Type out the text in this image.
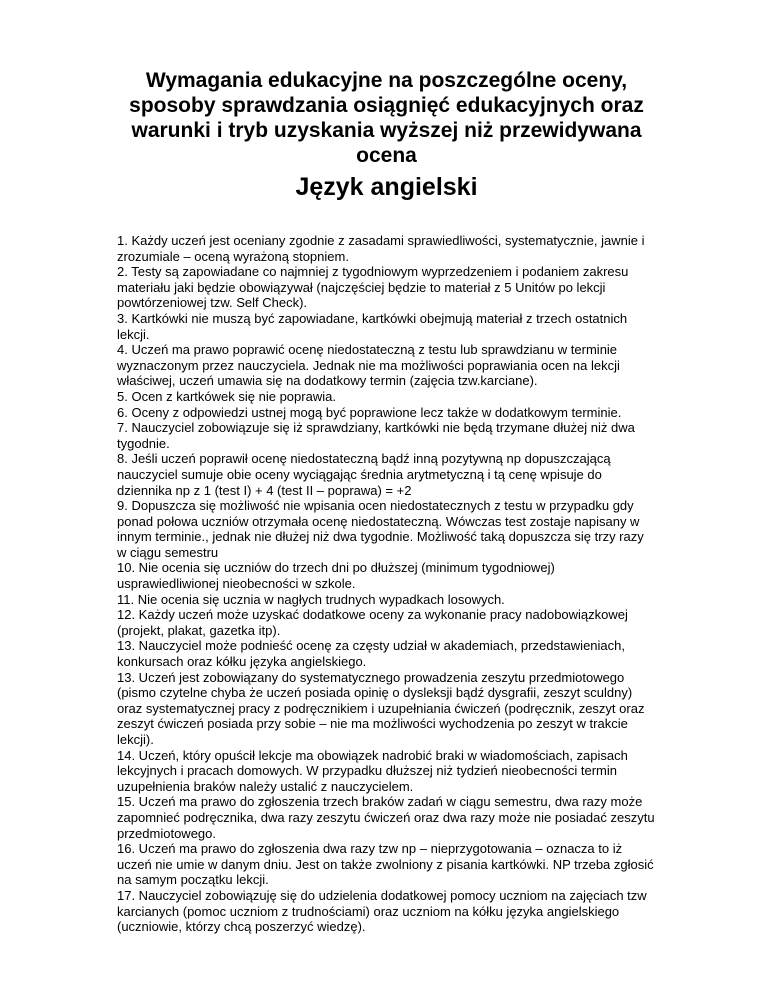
Wymagania edukacyjne na poszczególne oceny, sposoby sprawdzania osiągnięć edukacyjnych oraz warunki i tryb uzyskania wyższej niż przewidywana ocena
Język angielski

1. Każdy uczeń jest oceniany zgodnie z zasadami sprawiedliwości, systematycznie, jawnie i zrozumiale – oceną wyrażoną stopniem.

2. Testy są zapowiadane co najmniej z tygodniowym wyprzedzeniem i podaniem zakresu materiału jaki będzie obowiązywał (najczęściej będzie to materiał z 5 Unitów po lekcji powtórzeniowej tzw. Self Check).

3. Kartkówki nie muszą być zapowiadane, kartkówki obejmują materiał z trzech ostatnich lekcji.

4. Uczeń ma prawo poprawić ocenę niedostateczną z testu lub sprawdzianu w terminie wyznaczonym przez nauczyciela. Jednak nie ma możliwości poprawiania ocen na lekcji właściwej, uczeń umawia się na dodatkowy termin (zajęcia tzw.karciane).

5. Ocen z kartkówek się nie poprawia.

6. Oceny z odpowiedzi ustnej mogą być poprawione lecz także w dodatkowym terminie.

7. Nauczyciel zobowiązuje się iż sprawdziany, kartkówki nie będą trzymane dłużej niż dwa tygodnie.

8. Jeśli uczeń poprawił ocenę niedostateczną bądź inną pozytywną np dopuszczającą nauczyciel sumuje obie oceny wyciągając średnia arytmetyczną i tą cenę wpisuje do dziennika np z 1 (test I) + 4 (test II – poprawa) = +2

9. Dopuszcza się możliwość nie wpisania ocen niedostatecznych z testu w przypadku gdy ponad połowa uczniów otrzymała ocenę niedostateczną. Wówczas test zostaje napisany w innym terminie., jednak nie dłużej niż dwa tygodnie. Możliwość taką dopuszcza się trzy razy w ciągu semestru

10. Nie ocenia się uczniów do trzech dni po dłuższej (minimum tygodniowej) usprawiedliwionej nieobecności w szkole.

11. Nie ocenia się ucznia w nagłych trudnych wypadkach losowych.

12. Każdy uczeń może uzyskać dodatkowe oceny za wykonanie pracy nadobowiązkowej (projekt, plakat, gazetka itp).

13. Nauczyciel może podnieść ocenę za częsty udział w akademiach, przedstawieniach, konkursach oraz kółku języka angielskiego.

13. Uczeń jest zobowiązany do systematycznego prowadzenia zeszytu przedmiotowego (pismo czytelne chyba że uczeń posiada opinię o dysleksji bądź dysgrafii, zeszyt sculdny) oraz systematycznej pracy z podręcznikiem i uzupełniania ćwiczeń (podręcznik, zeszyt oraz zeszyt ćwiczeń posiada przy sobie – nie ma możliwości wychodzenia po zeszyt w trakcie lekcji).

14. Uczeń, który opuścił lekcje ma obowiązek nadrobić braki w wiadomościach, zapisach lekcyjnych i pracach domowych. W przypadku dłuższej niż tydzień nieobecności termin uzupełnienia braków należy ustalić z nauczycielem.

15. Uczeń ma prawo do zgłoszenia trzech braków zadań w ciągu semestru, dwa razy może zapomnieć podręcznika, dwa razy zeszytu ćwiczeń oraz dwa razy może nie posiadać zeszytu przedmiotowego.

16. Uczeń ma prawo do zgłoszenia dwa razy tzw np – nieprzygotowania – oznacza to iż uczeń nie umie w danym dniu. Jest on także zwolniony z pisania kartkówki. NP trzeba zgłosić na samym początku lekcji.

17. Nauczyciel zobowiązuję się do udzielenia dodatkowej pomocy uczniom na zajęciach tzw karcianych (pomoc uczniom z trudnościami) oraz uczniom na kółku języka angielskiego (uczniowie, którzy chcą poszerzyć wiedzę).
